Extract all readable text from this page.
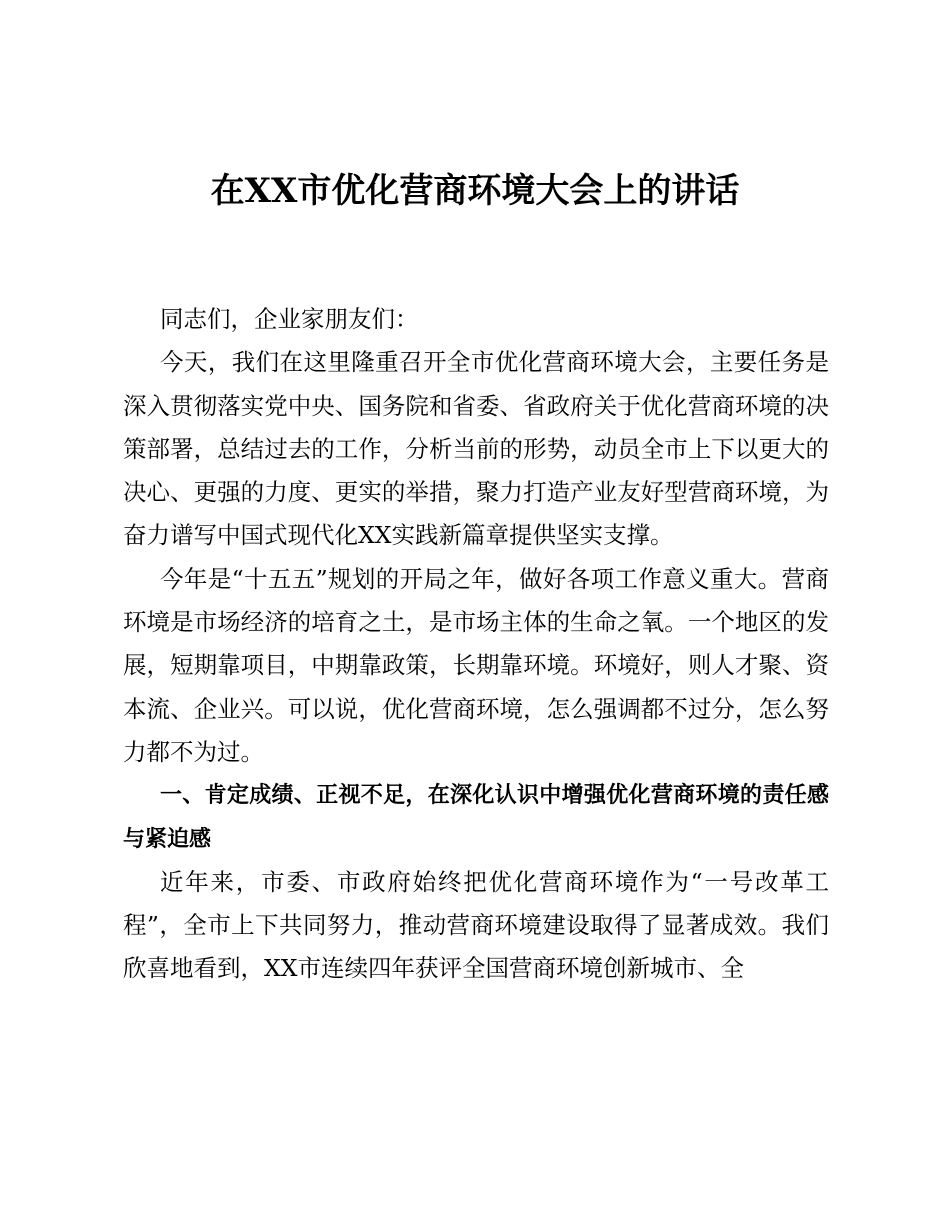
在XX市优化营商环境大会上的讲话

同志们，企业家朋友们：

今天，我们在这里隆重召开全市优化营商环境大会，主要任务是深入贯彻落实党中央、国务院和省委、省政府关于优化营商环境的决策部署，总结过去的工作，分析当前的形势，动员全市上下以更大的决心、更强的力度、更实的举措，聚力打造产业友好型营商环境，为奋力谱写中国式现代化XX实践新篇章提供坚实支撑。

今年是“十五五”规划的开局之年，做好各项工作意义重大。营商环境是市场经济的培育之土，是市场主体的生命之氧。一个地区的发展，短期靠项目，中期靠政策，长期靠环境。环境好，则人才聚、资本流、企业兴。可以说，优化营商环境，怎么强调都不过分，怎么努力都不为过。

一、肯定成绩、正视不足，在深化认识中增强优化营商环境的责任感与紧迫感

近年来，市委、市政府始终把优化营商环境作为“一号改革工程”，全市上下共同努力，推动营商环境建设取得了显著成效。我们欣喜地看到，XX市连续四年获评全国营商环境创新城市、全
